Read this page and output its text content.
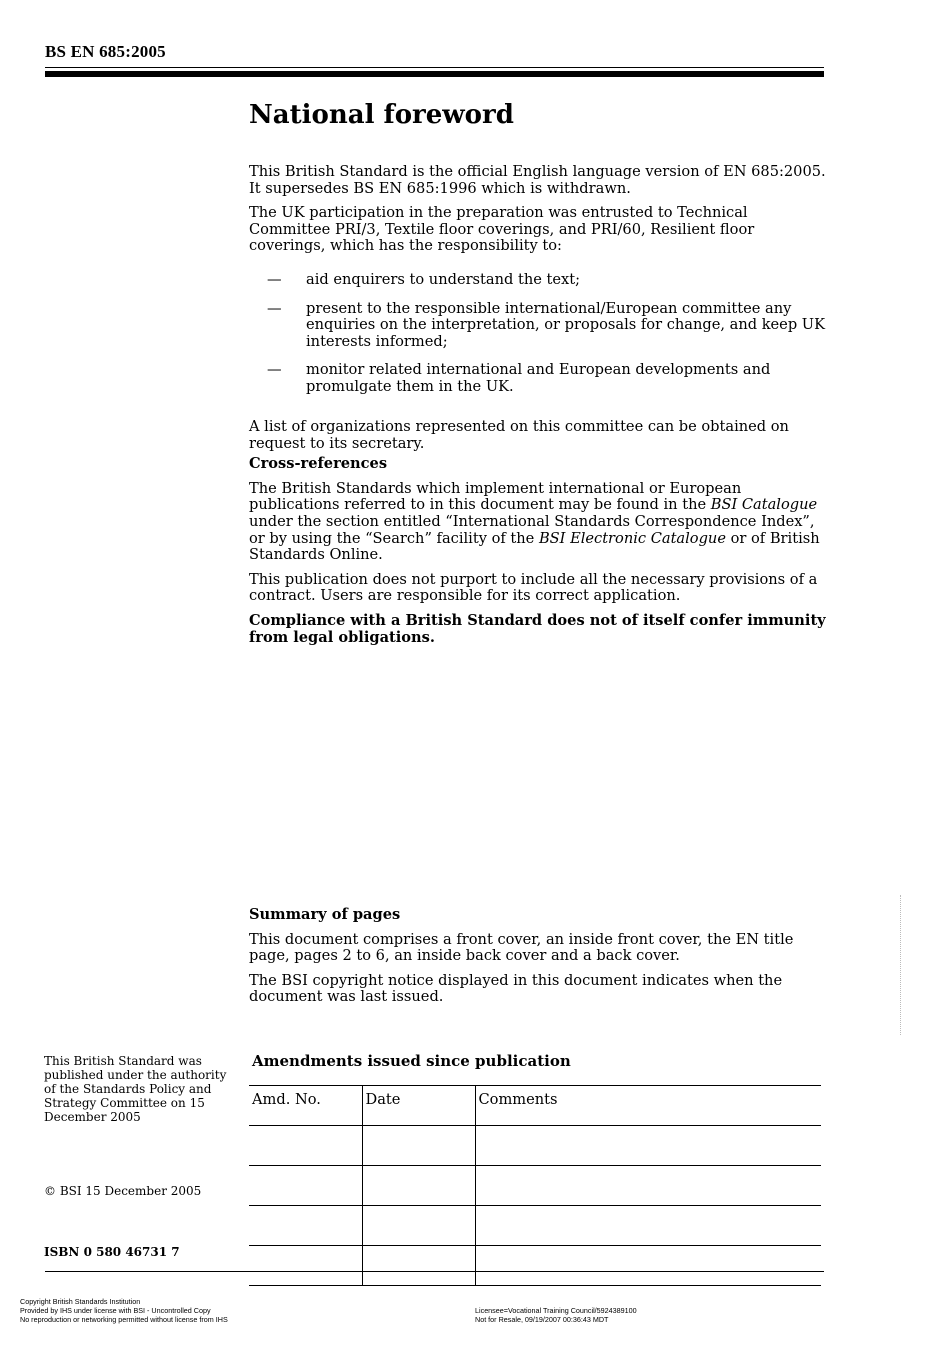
BS EN 685:2005
National foreword

This British Standard is the official English language version of EN 685:2005. It supersedes BS EN 685:1996 which is withdrawn.

The UK participation in the preparation was entrusted to Technical Committee PRI/3, Textile floor coverings, and PRI/60, Resilient floor coverings, which has the responsibility to:

— aid enquirers to understand the text;
— present to the responsible international/European committee any enquiries on the interpretation, or proposals for change, and keep UK interests informed;
— monitor related international and European developments and promulgate them in the UK.

A list of organizations represented on this committee can be obtained on request to its secretary.

Cross-references

The British Standards which implement international or European publications referred to in this document may be found in the BSI Catalogue under the section entitled “International Standards Correspondence Index”, or by using the “Search” facility of the BSI Electronic Catalogue or of British Standards Online.

This publication does not purport to include all the necessary provisions of a contract. Users are responsible for its correct application.

Compliance with a British Standard does not of itself confer immunity from legal obligations.

Summary of pages

This document comprises a front cover, an inside front cover, the EN title page, pages 2 to 6, an inside back cover and a back cover.

The BSI copyright notice displayed in this document indicates when the document was last issued.

This British Standard was published under the authority of the Standards Policy and Strategy Committee on 15 December 2005
© BSI 15 December 2005
ISBN 0 580 46731 7
Amendments issued since publication
Amd. No.	Date	Comments

Copyright British Standards Institution
Provided by IHS under license with BSI - Uncontrolled Copy
No reproduction or networking permitted without license from IHS
Licensee=Vocational Training Council/5924389100
Not for Resale, 09/19/2007 00:36:43 MDT
